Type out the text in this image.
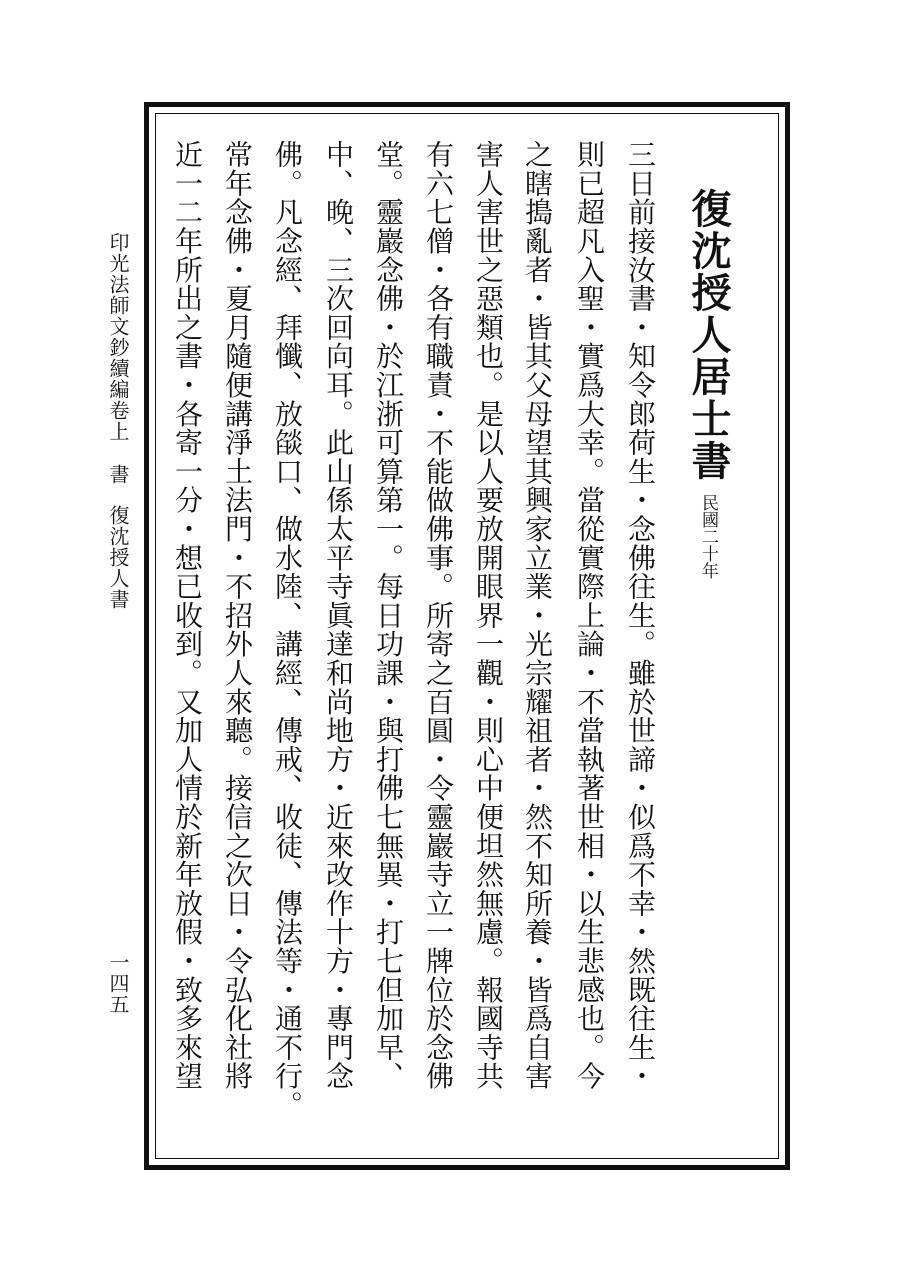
復沈授人居士書
民國二十年
三日前接汝書・知令郎荷生・念佛往生。雖於世諦・似爲不幸・然既往生・
則已超凡入聖・實爲大幸。當從實際上論・不當執著世相・以生悲感也。今
之瞎搗亂者・皆其父母望其興家立業・光宗耀祖者・然不知所養・皆爲自害
害人害世之惡類也。是以人要放開眼界一觀・則心中便坦然無慮。報國寺共
有六七僧・各有職責・不能做佛事。所寄之百圓・令靈巖寺立一牌位於念佛
堂。靈巖念佛・於江浙可算第一。每日功課・與打佛七無異・打七但加早、
中、晚、三次回向耳。此山係太平寺眞達和尚地方・近來改作十方・專門念
佛。凡念經、拜懺、放燄口、做水陸、講經、傳戒、收徒、傳法等・通不行。
常年念佛・夏月隨便講淨土法門・不招外人來聽。接信之次日・令弘化社將
近一二年所出之書・各寄一分・想已收到。又加人情於新年放假・致多來望
印光法師文鈔續編卷上書復沈授人書
一四五
